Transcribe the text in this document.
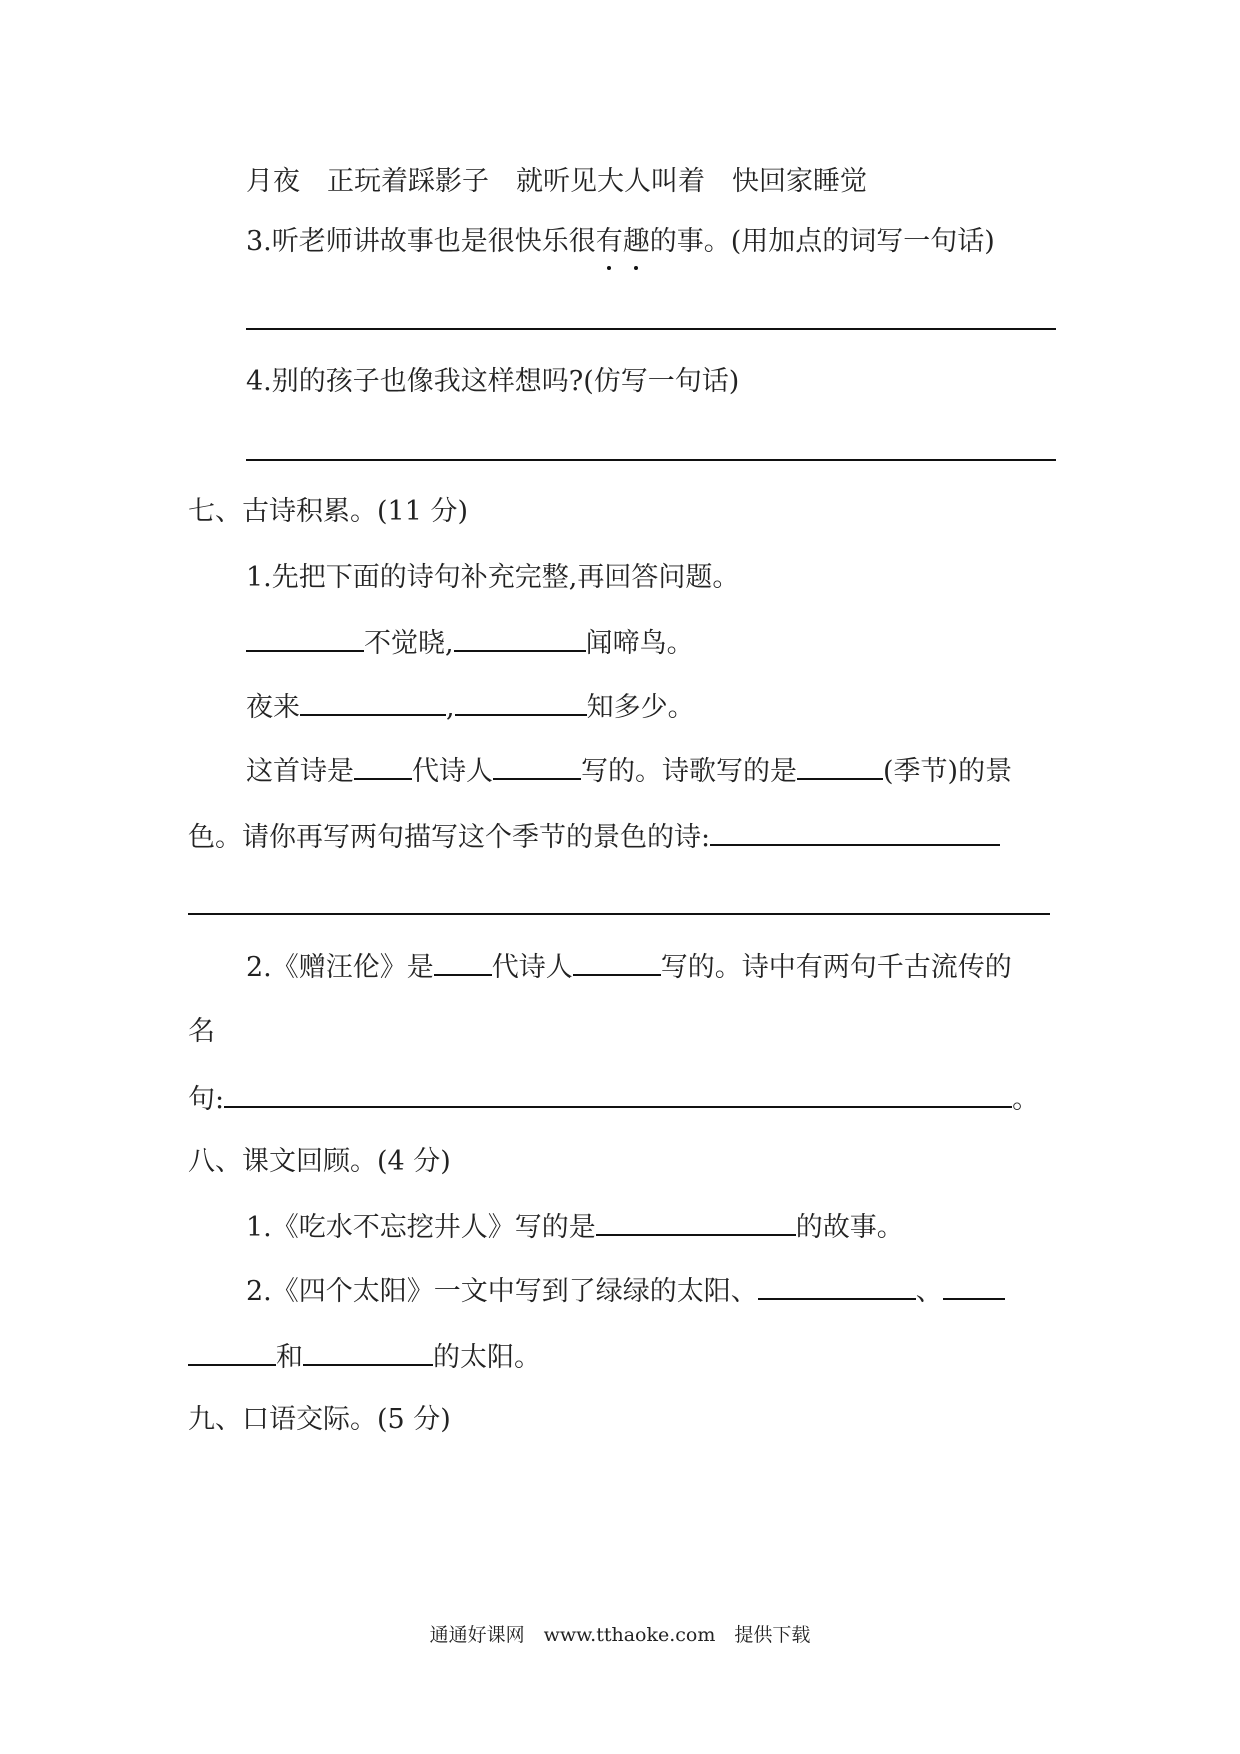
月夜　正玩着踩影子　就听见大人叫着　快回家睡觉
3.听老师讲故事也是很快乐很有趣的事。(用加点的词写一句话)
4.别的孩子也像我这样想吗?(仿写一句话)
七、古诗积累。(11 分)
1.先把下面的诗句补充完整,再回答问题。
不觉晓,	闻啼鸟。
夜来	,	知多少。
这首诗是 代诗人	写的。诗歌写的是	(季节)的景
色。请你再写两句描写这个季节的景色的诗:
2.《赠汪伦》是 代诗人	写的。诗中有两句千古流传的
名
句:	。
八、课文回顾。(4 分)
1.《吃水不忘挖井人》写的是	的故事。
2.《四个太阳》一文中写到了绿绿的太阳、	、
和	的太阳。
九、口语交际。(5 分)
通通好课网　www.tthaoke.com　提供下载
